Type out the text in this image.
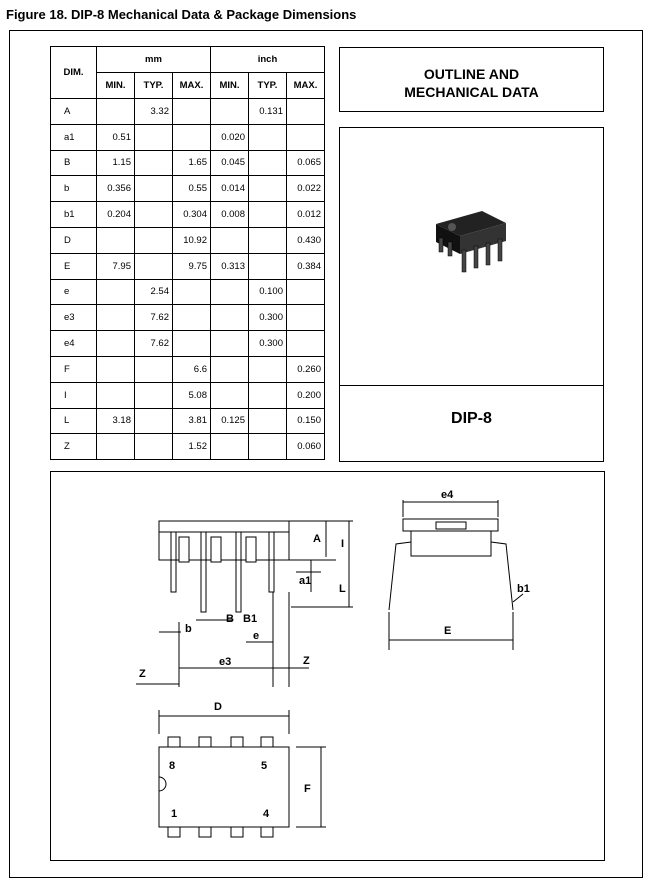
Figure 18. DIP-8 Mechanical Data & Package Dimensions
DIM.	mm			inch		
	MIN.	TYP.	MAX.	MIN.	TYP.	MAX.
A		3.32			0.131	
a1	0.51			0.020		
B	1.15		1.65	0.045		0.065
b	0.356		0.55	0.014		0.022
b1	0.204		0.304	0.008		0.012
D			10.92			0.430
E	7.95		9.75	0.313		0.384
e		2.54			0.100	
e3		7.62			0.300	
e4		7.62			0.300	
F			6.6			0.260
I			5.08			0.200
L	3.18		3.81	0.125		0.150
Z			1.52			0.060
OUTLINE AND
MECHANICAL DATA
DIP-8
A I
a1
L
b
B B1
e
e3
Z
Z
e4
b1
E
D
F
8	5
1	4
